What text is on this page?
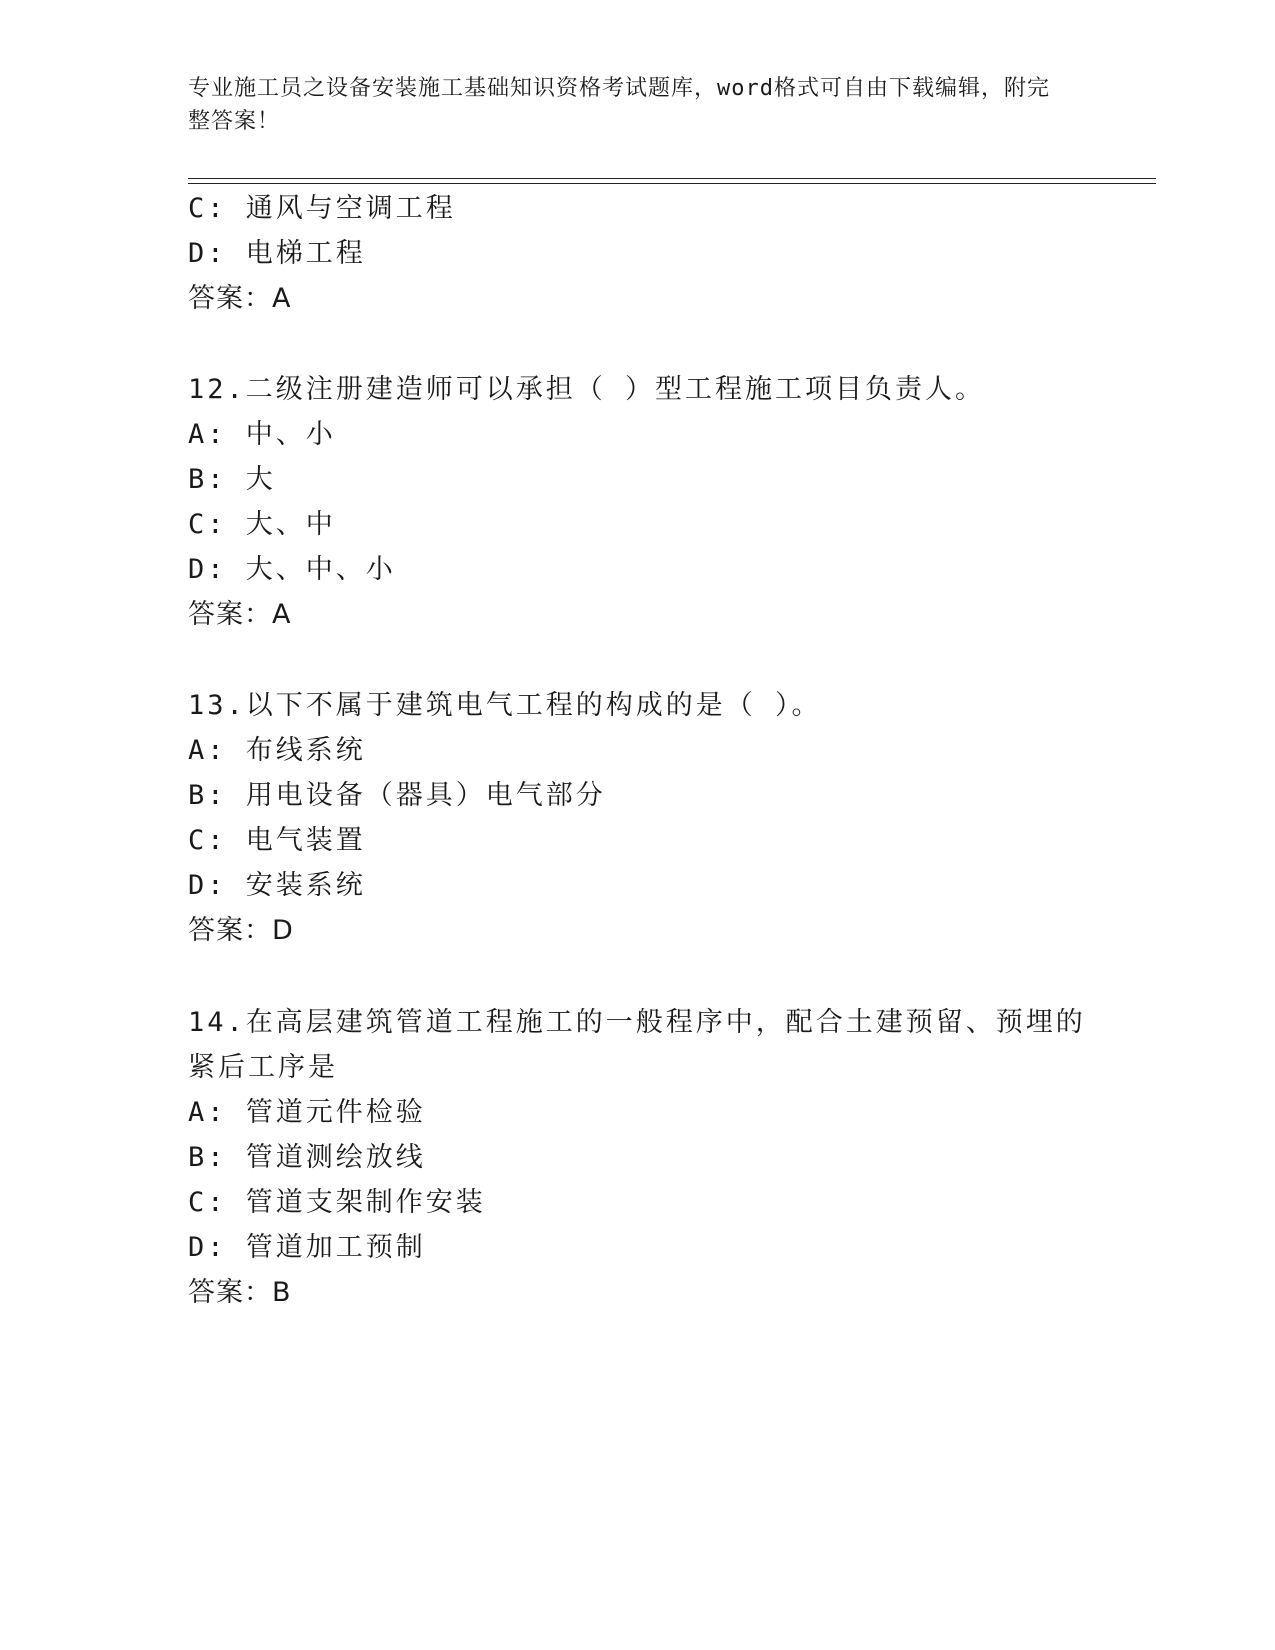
专业施工员之设备安装施工基础知识资格考试题库，word格式可自由下载编辑，附完整答案！
C: 通风与空调工程
D: 电梯工程
答案：A
12.二级注册建造师可以承担（ ）型工程施工项目负责人。
A: 中、小
B: 大
C: 大、中
D: 大、中、小
答案：A
13.以下不属于建筑电气工程的构成的是（ ）。
A: 布线系统
B: 用电设备（器具）电气部分
C: 电气装置
D: 安装系统
答案：D
14.在高层建筑管道工程施工的一般程序中，配合土建预留、预埋的紧后工序是
A: 管道元件检验
B: 管道测绘放线
C: 管道支架制作安装
D: 管道加工预制
答案：B
